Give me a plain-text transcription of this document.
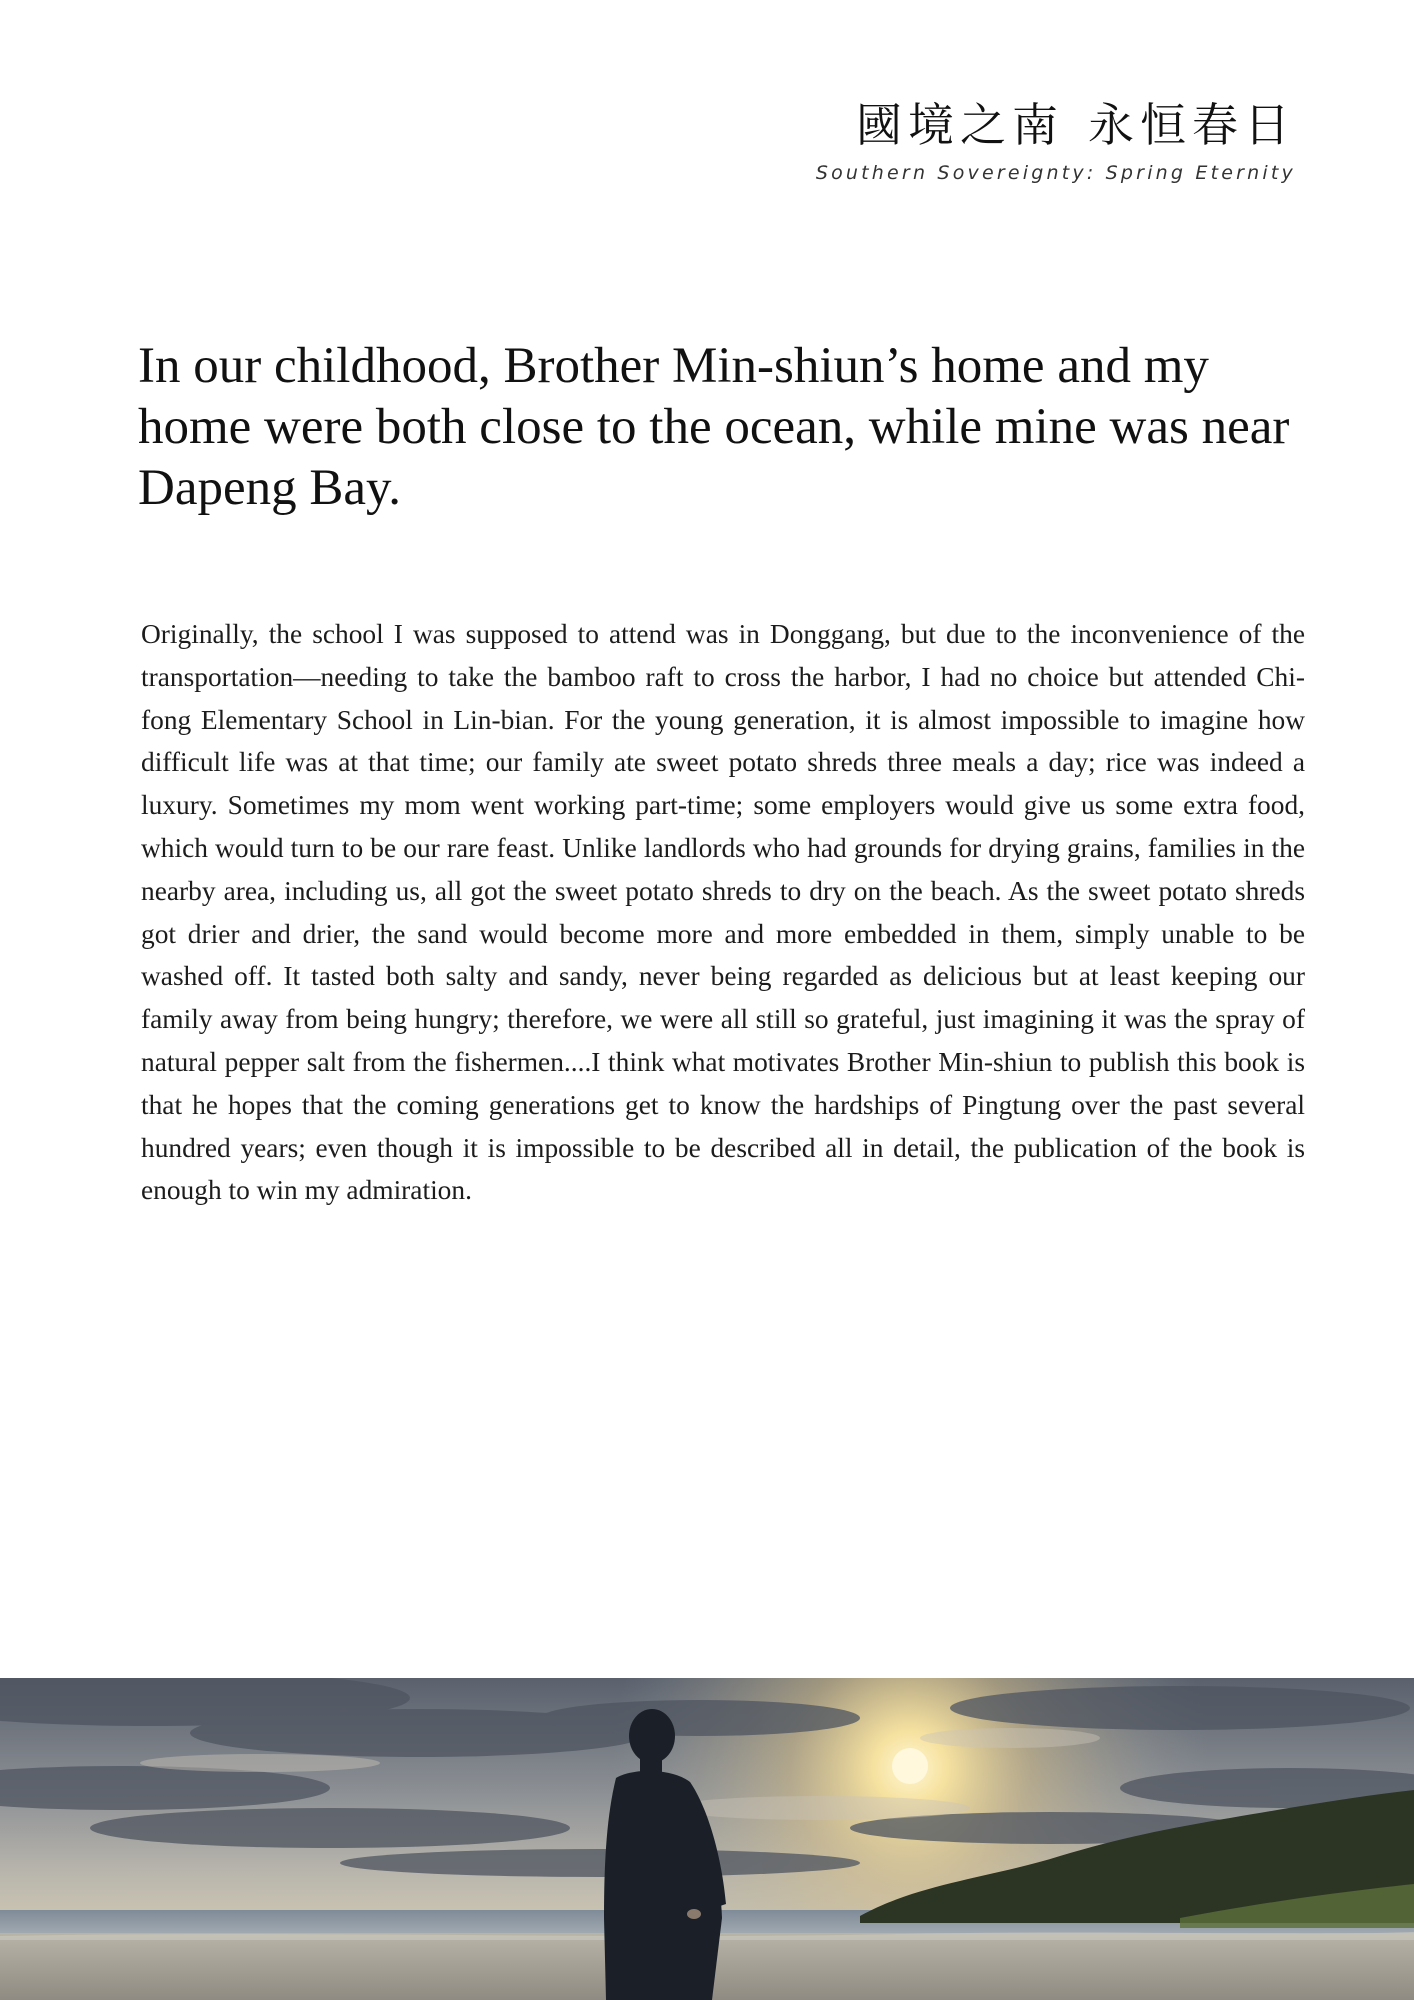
國境之南 永恒春日
Southern Sovereignty: Spring Eternity
In our childhood, Brother Min-shiun’s home and my home were both close to the ocean, while mine was near Dapeng Bay.

Originally, the school I was supposed to attend was in Donggang, but due to the inconvenience of the transportation—needing to take the bamboo raft to cross the harbor, I had no choice but attended Chi-fong Elementary School in Lin-bian. For the young generation, it is almost impossible to imagine how difficult life was at that time; our family ate sweet potato shreds three meals a day; rice was indeed a luxury. Sometimes my mom went working part-time; some employers would give us some extra food, which would turn to be our rare feast. Unlike landlords who had grounds for drying grains, families in the nearby area, including us, all got the sweet potato shreds to dry on the beach. As the sweet potato shreds got drier and drier, the sand would become more and more embedded in them, simply unable to be washed off. It tasted both salty and sandy, never being regarded as delicious but at least keeping our family away from being hungry; therefore, we were all still so grateful, just imagining it was the spray of natural pepper salt from the fishermen....I think what motivates Brother Min-shiun to publish this book is that he hopes that the coming generations get to know the hardships of Pingtung over the past several hundred years; even though it is impossible to be described all in detail, the publication of the book is enough to win my admiration.
